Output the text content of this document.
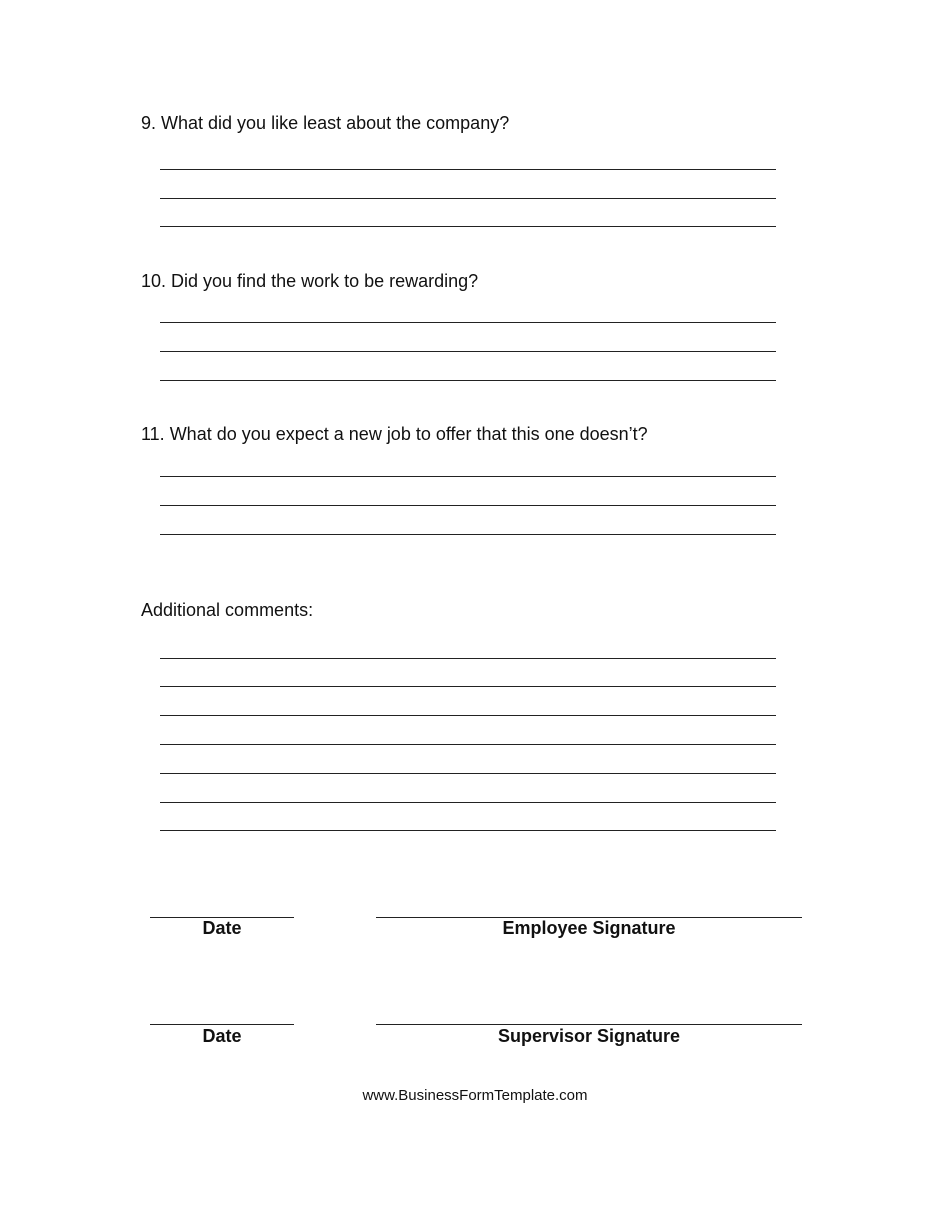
9. What did you like least about the company?
10. Did you find the work to be rewarding?
11. What do you expect a new job to offer that this one doesn’t?
Additional comments:
Date	Employee Signature
Date	Supervisor Signature
www.BusinessFormTemplate.com
